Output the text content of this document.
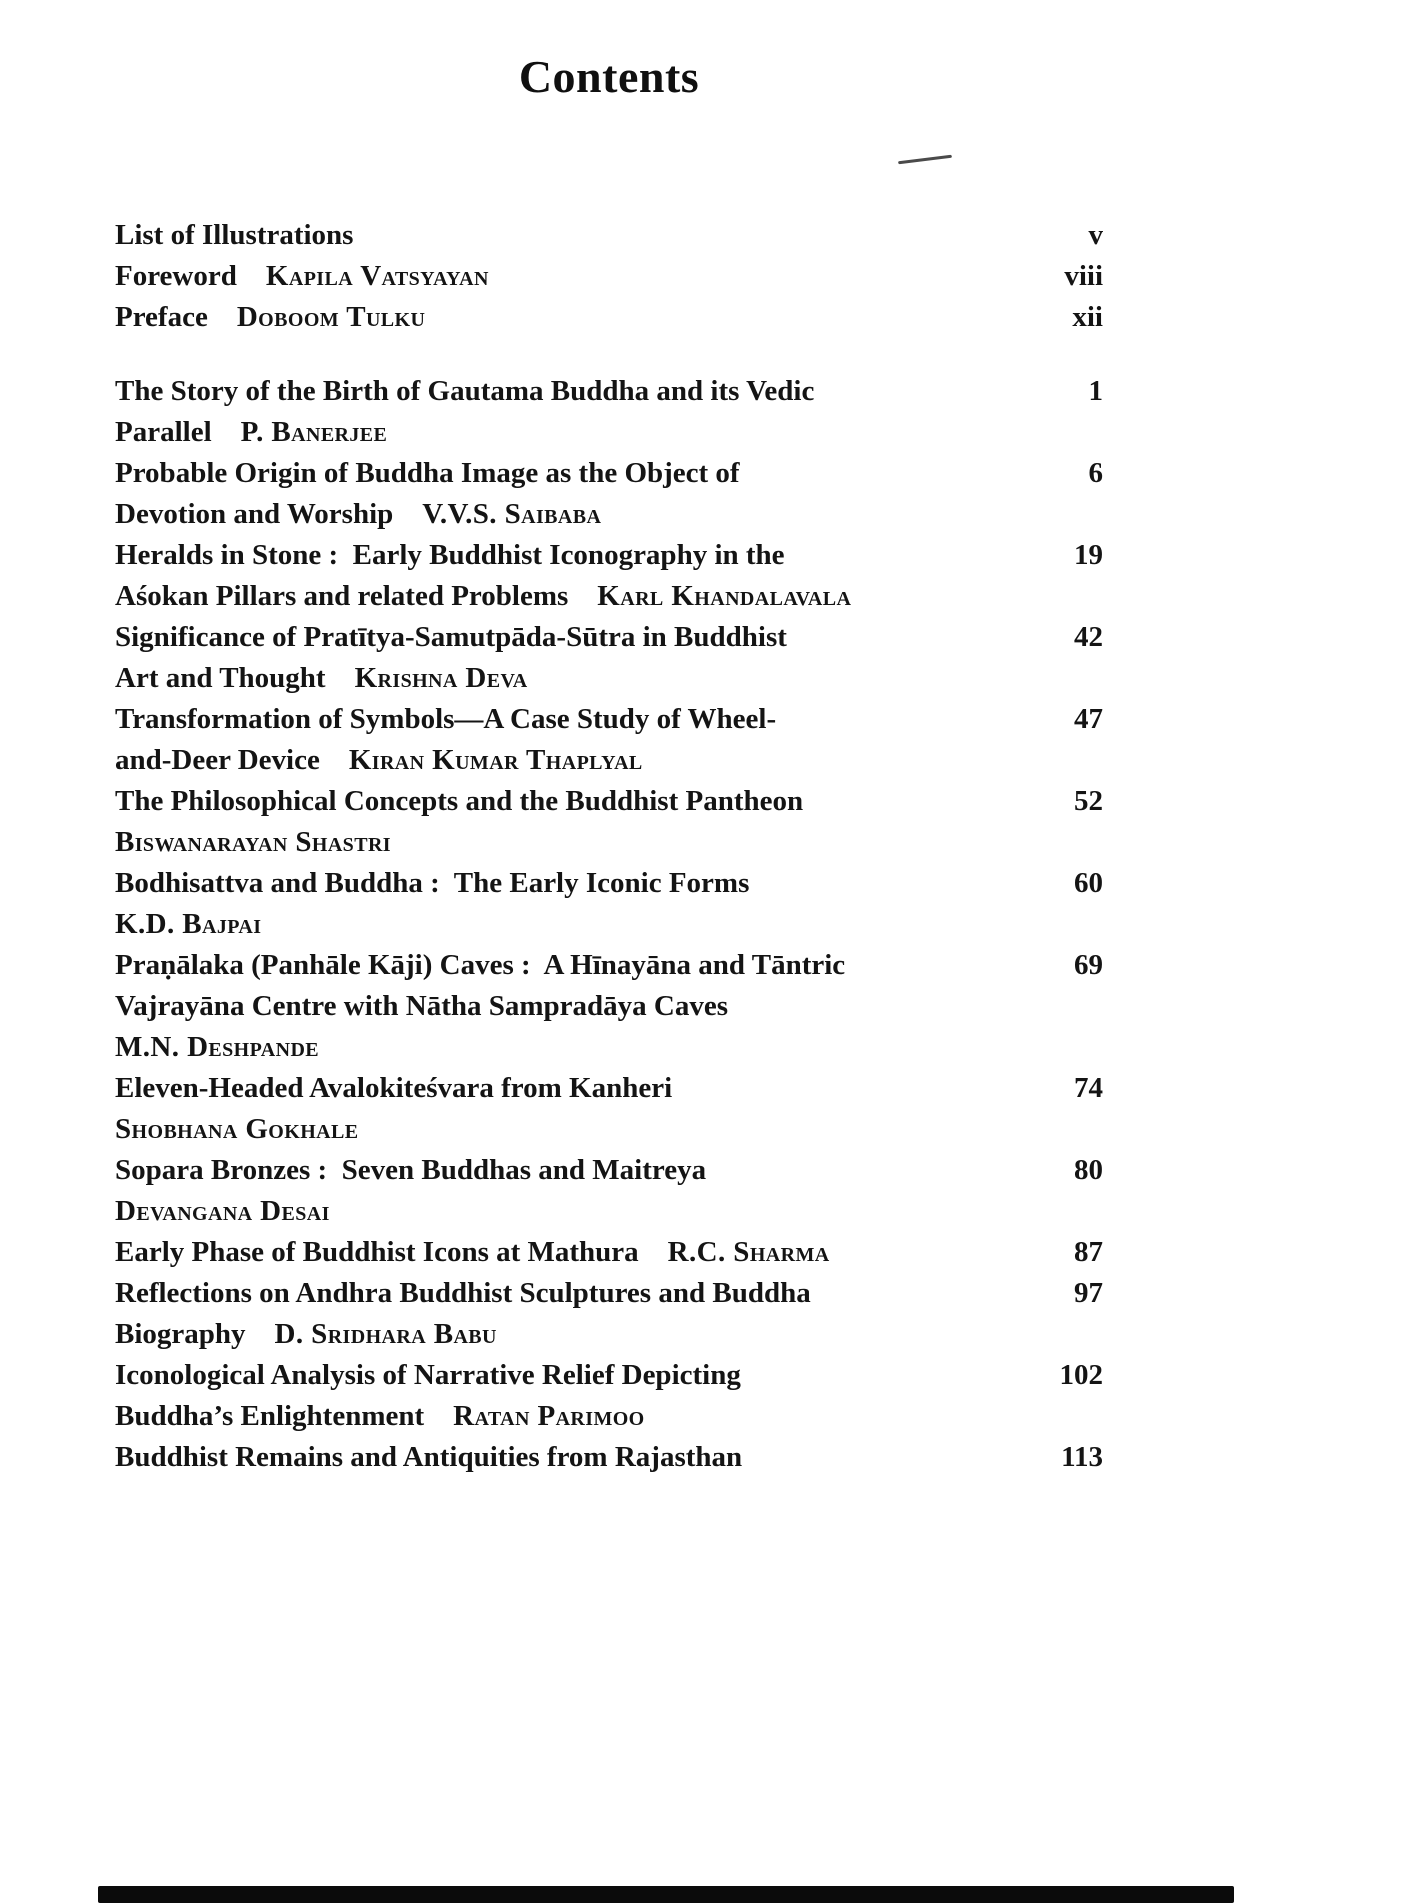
Contents
List of Illustrations	v
Foreword    Kapila Vatsyayan	viii
Preface    Doboom Tulku	xii
The Story of the Birth of Gautama Buddha and its Vedic	1
Parallel    P. Banerjee
Probable Origin of Buddha Image as the Object of	6
Devotion and Worship    V.V.S. Saibaba
Heralds in Stone :  Early Buddhist Iconography in the	19
Aśokan Pillars and related Problems    Karl Khandalavala
Significance of Pratītya-Samutpāda-Sūtra in Buddhist	42
Art and Thought    Krishna Deva
Transformation of Symbols—A Case Study of Wheel-	47
and-Deer Device    Kiran Kumar Thaplyal
The Philosophical Concepts and the Buddhist Pantheon	52
Biswanarayan Shastri
Bodhisattva and Buddha :  The Early Iconic Forms	60
K.D. Bajpai
Praṇālaka (Panhāle Kāji) Caves :  A Hīnayāna and Tāntric	69
Vajrayāna Centre with Nātha Sampradāya Caves
M.N. Deshpande
Eleven-Headed Avalokiteśvara from Kanheri	74
Shobhana Gokhale
Sopara Bronzes :  Seven Buddhas and Maitreya	80
Devangana Desai
Early Phase of Buddhist Icons at Mathura    R.C. Sharma	87
Reflections on Andhra Buddhist Sculptures and Buddha	97
Biography    D. Sridhara Babu
Iconological Analysis of Narrative Relief Depicting	102
Buddha’s Enlightenment    Ratan Parimoo
Buddhist Remains and Antiquities from Rajasthan	113
